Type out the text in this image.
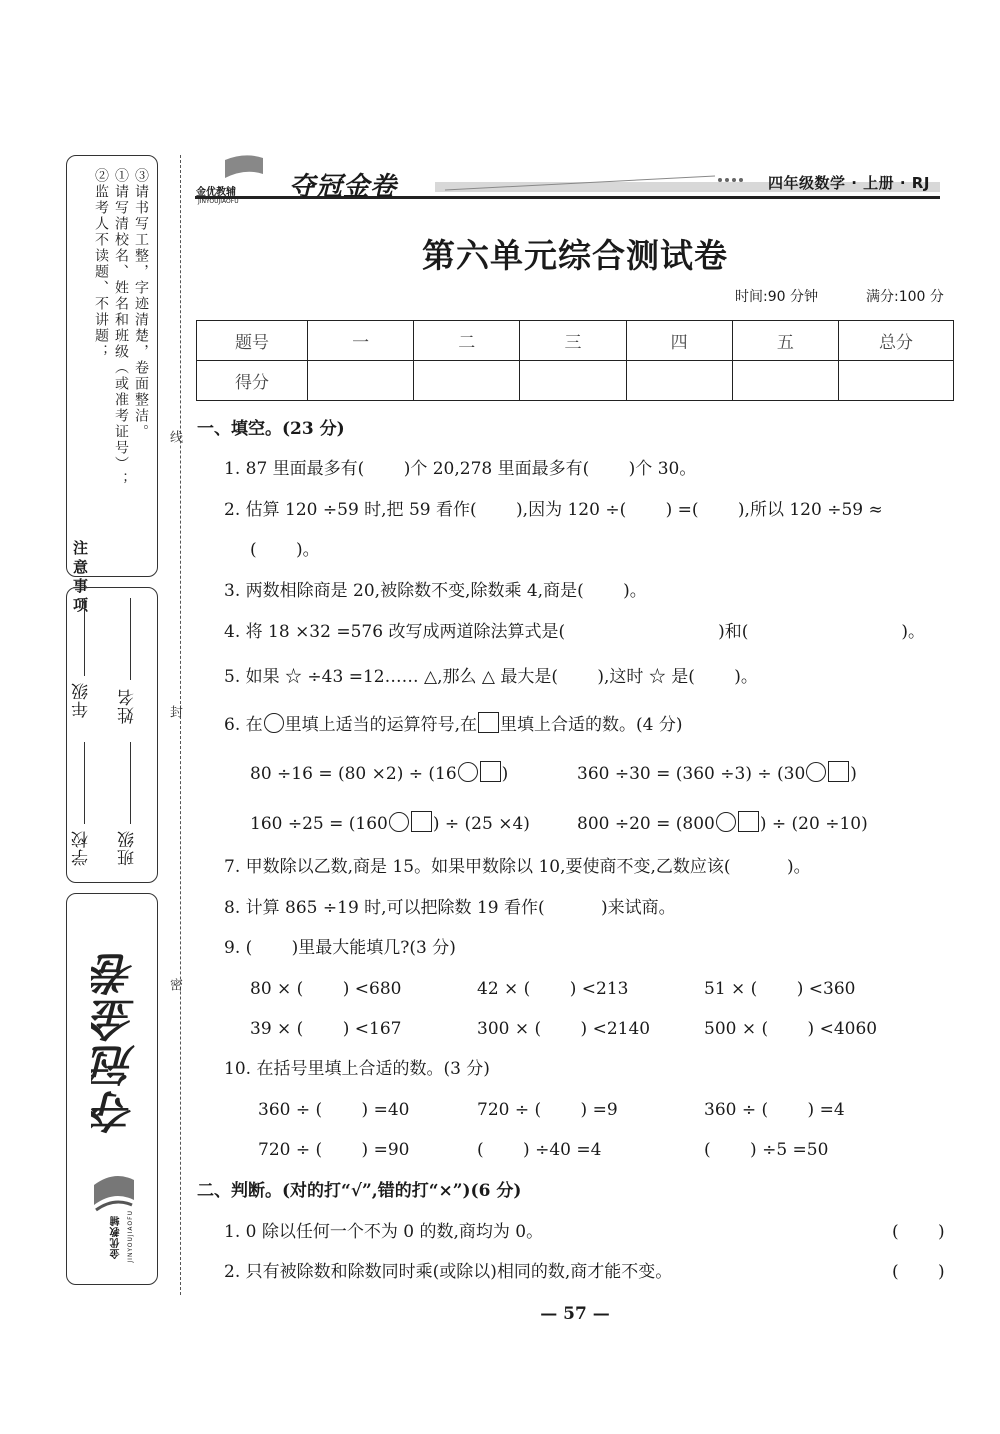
①请写清校名、姓名和班级（或准考证号）；
②监考人不读题、不讲题； ③请书写工整，字迹清楚，卷面整洁。
注意事项
学校
年级
班级
姓名
夺冠金卷
金优教辅 JINYOUJIAOFU
线
封
密
金优教辅
JINYOUJIAOFU 夺冠金卷	四年级数学 · 上册 · RJ
第六单元综合测试卷
时间:90 分钟	满分:100 分
题号	一	二	三	四	五	总分
得分						
一、填空。(23 分)
1. 87 里面最多有(　　 )个 20,278 里面最多有(　　 )个 30。
2. 估算 120 ÷59 时,把 59 看作(　　 ),因为 120 ÷(　　 ) =(　　 ),所以 120 ÷59 ≈
(　　 )。
3. 两数相除商是 20,被除数不变,除数乘 4,商是(　　 )。
4. 将 18 ×32 =576 改写成两道除法算式是(　　　　　　　　　)和(　　　　　　　　　)。
5. 如果 ☆ ÷43 =12…… △,那么 △ 最大是(　　 ),这时 ☆ 是(　　 )。
6. 在 里填上适当的运算符号,在 里填上合适的数。(4 分)
80 ÷16 = (80 ×2) ÷ (16	)	360 ÷30 = (360 ÷3) ÷ (30	)
160 ÷25 = (160	) ÷ (25 ×4)	800 ÷20 = (800	) ÷ (20 ÷10)
7. 甲数除以乙数,商是 15。如果甲数除以 10,要使商不变,乙数应该(　　　 )。
8. 计算 865 ÷19 时,可以把除数 19 看作(　　　 )来试商。
9. (　　 )里最大能填几?(3 分)
80 × (　　 ) <680	42 × (　　 ) <213	51 × (　　 ) <360
39 × (　　 ) <167	300 × (　　 ) <2140	500 × (　　 ) <4060
10. 在括号里填上合适的数。(3 分)
360 ÷ (　　 ) =40	720 ÷ (　　 ) =9	360 ÷ (　　 ) =4
720 ÷ (　　 ) =90	(　　 ) ÷40 =4	(　　 ) ÷5 =50
二、判断。(对的打“√”,错的打“×”)(6 分)
1. 0 除以任何一个不为 0 的数,商均为 0。	(　　 )
2. 只有被除数和除数同时乘(或除以)相同的数,商才能不变。	(　　 )
— 57 —
